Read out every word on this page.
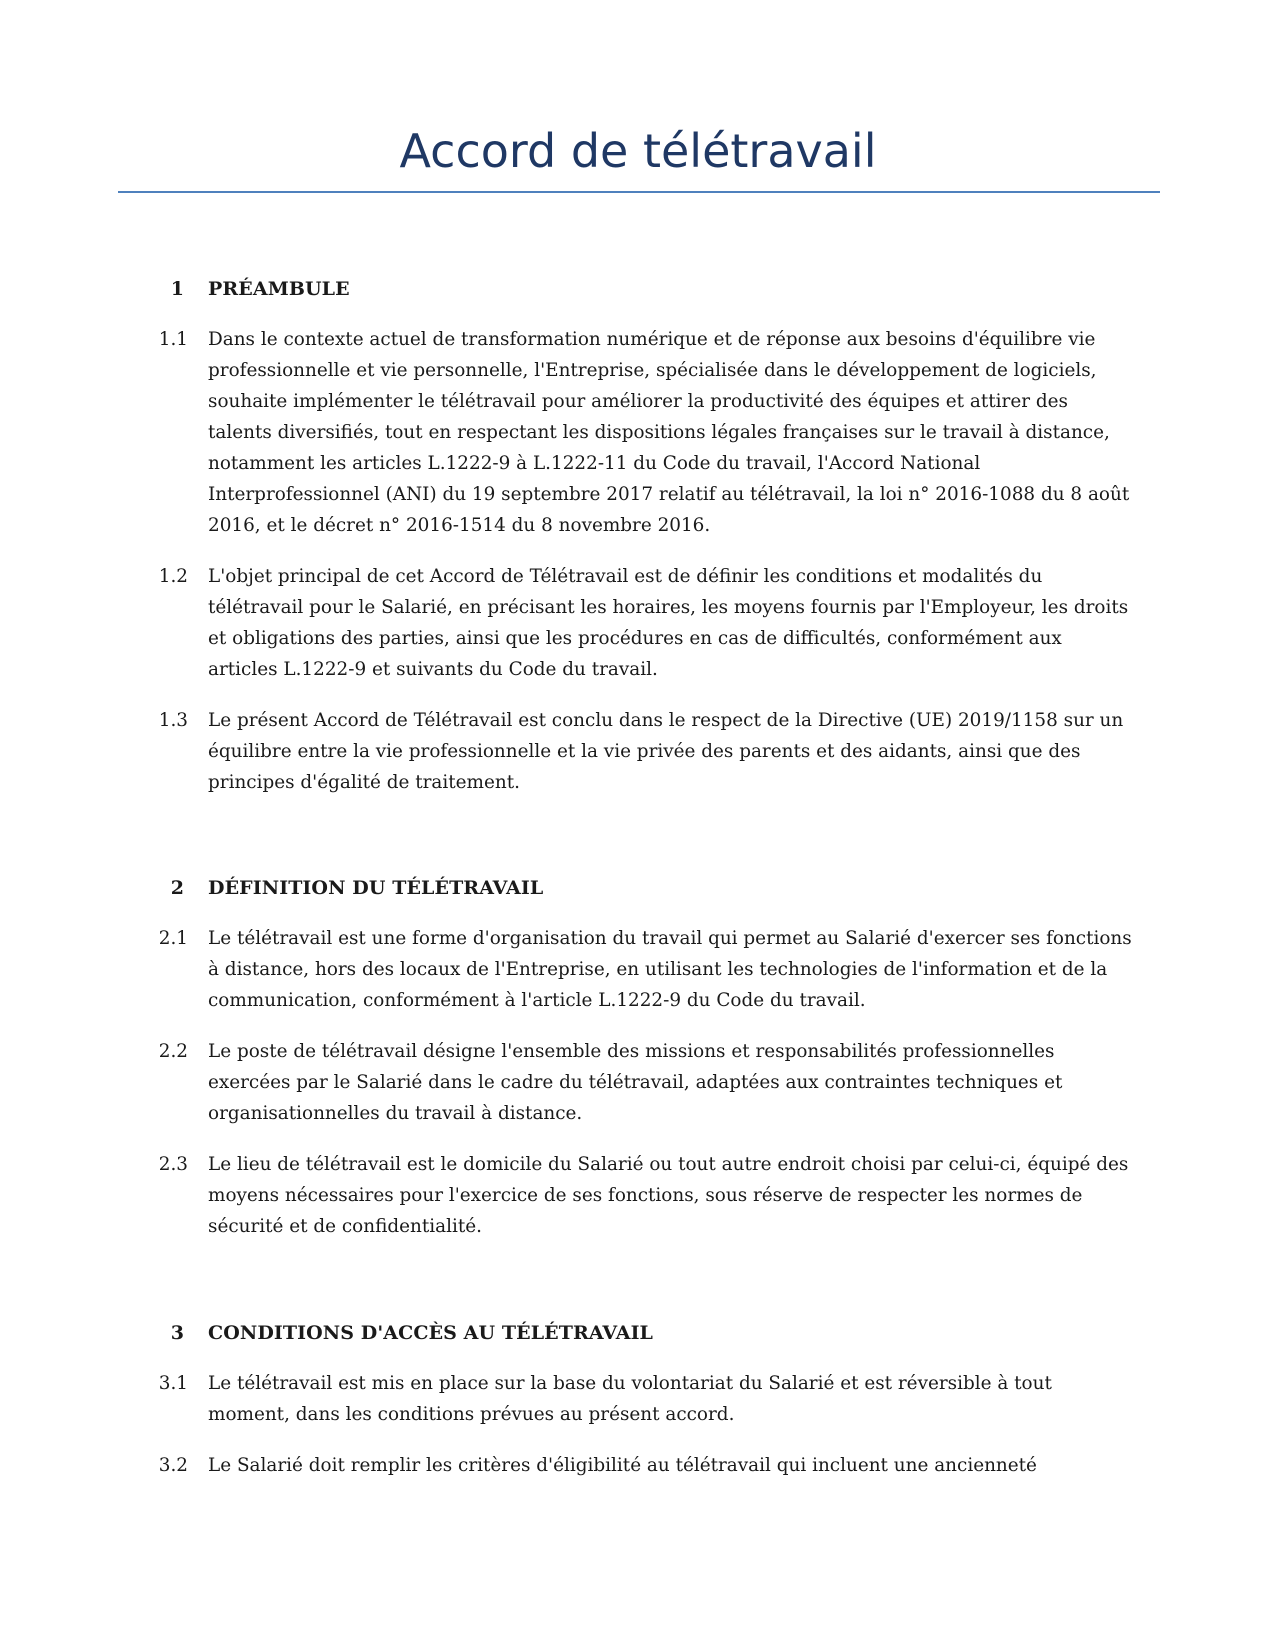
Accord de télétravail
1 PRÉAMBULE
1.1 Dans le contexte actuel de transformation numérique et de réponse aux besoins d'équilibre vie professionnelle et vie personnelle, l'Entreprise, spécialisée dans le développement de logiciels, souhaite implémenter le télétravail pour améliorer la productivité des équipes et attirer des talents diversifiés, tout en respectant les dispositions légales françaises sur le travail à distance, notamment les articles L.1222-9 à L.1222-11 du Code du travail, l'Accord National Interprofessionnel (ANI) du 19 septembre 2017 relatif au télétravail, la loi n° 2016-1088 du 8 août 2016, et le décret n° 2016-1514 du 8 novembre 2016.
1.2 L'objet principal de cet Accord de Télétravail est de définir les conditions et modalités du télétravail pour le Salarié, en précisant les horaires, les moyens fournis par l'Employeur, les droits et obligations des parties, ainsi que les procédures en cas de difficultés, conformément aux articles L.1222-9 et suivants du Code du travail.
1.3 Le présent Accord de Télétravail est conclu dans le respect de la Directive (UE) 2019/1158 sur un équilibre entre la vie professionnelle et la vie privée des parents et des aidants, ainsi que des principes d'égalité de traitement.
2 DÉFINITION DU TÉLÉTRAVAIL
2.1 Le télétravail est une forme d'organisation du travail qui permet au Salarié d'exercer ses fonctions à distance, hors des locaux de l'Entreprise, en utilisant les technologies de l'information et de la communication, conformément à l'article L.1222-9 du Code du travail.
2.2 Le poste de télétravail désigne l'ensemble des missions et responsabilités professionnelles exercées par le Salarié dans le cadre du télétravail, adaptées aux contraintes techniques et organisationnelles du travail à distance.
2.3 Le lieu de télétravail est le domicile du Salarié ou tout autre endroit choisi par celui-ci, équipé des moyens nécessaires pour l'exercice de ses fonctions, sous réserve de respecter les normes de sécurité et de confidentialité.
3 CONDITIONS D'ACCÈS AU TÉLÉTRAVAIL
3.1 Le télétravail est mis en place sur la base du volontariat du Salarié et est réversible à tout moment, dans les conditions prévues au présent accord.
3.2 Le Salarié doit remplir les critères d'éligibilité au télétravail qui incluent une ancienneté
